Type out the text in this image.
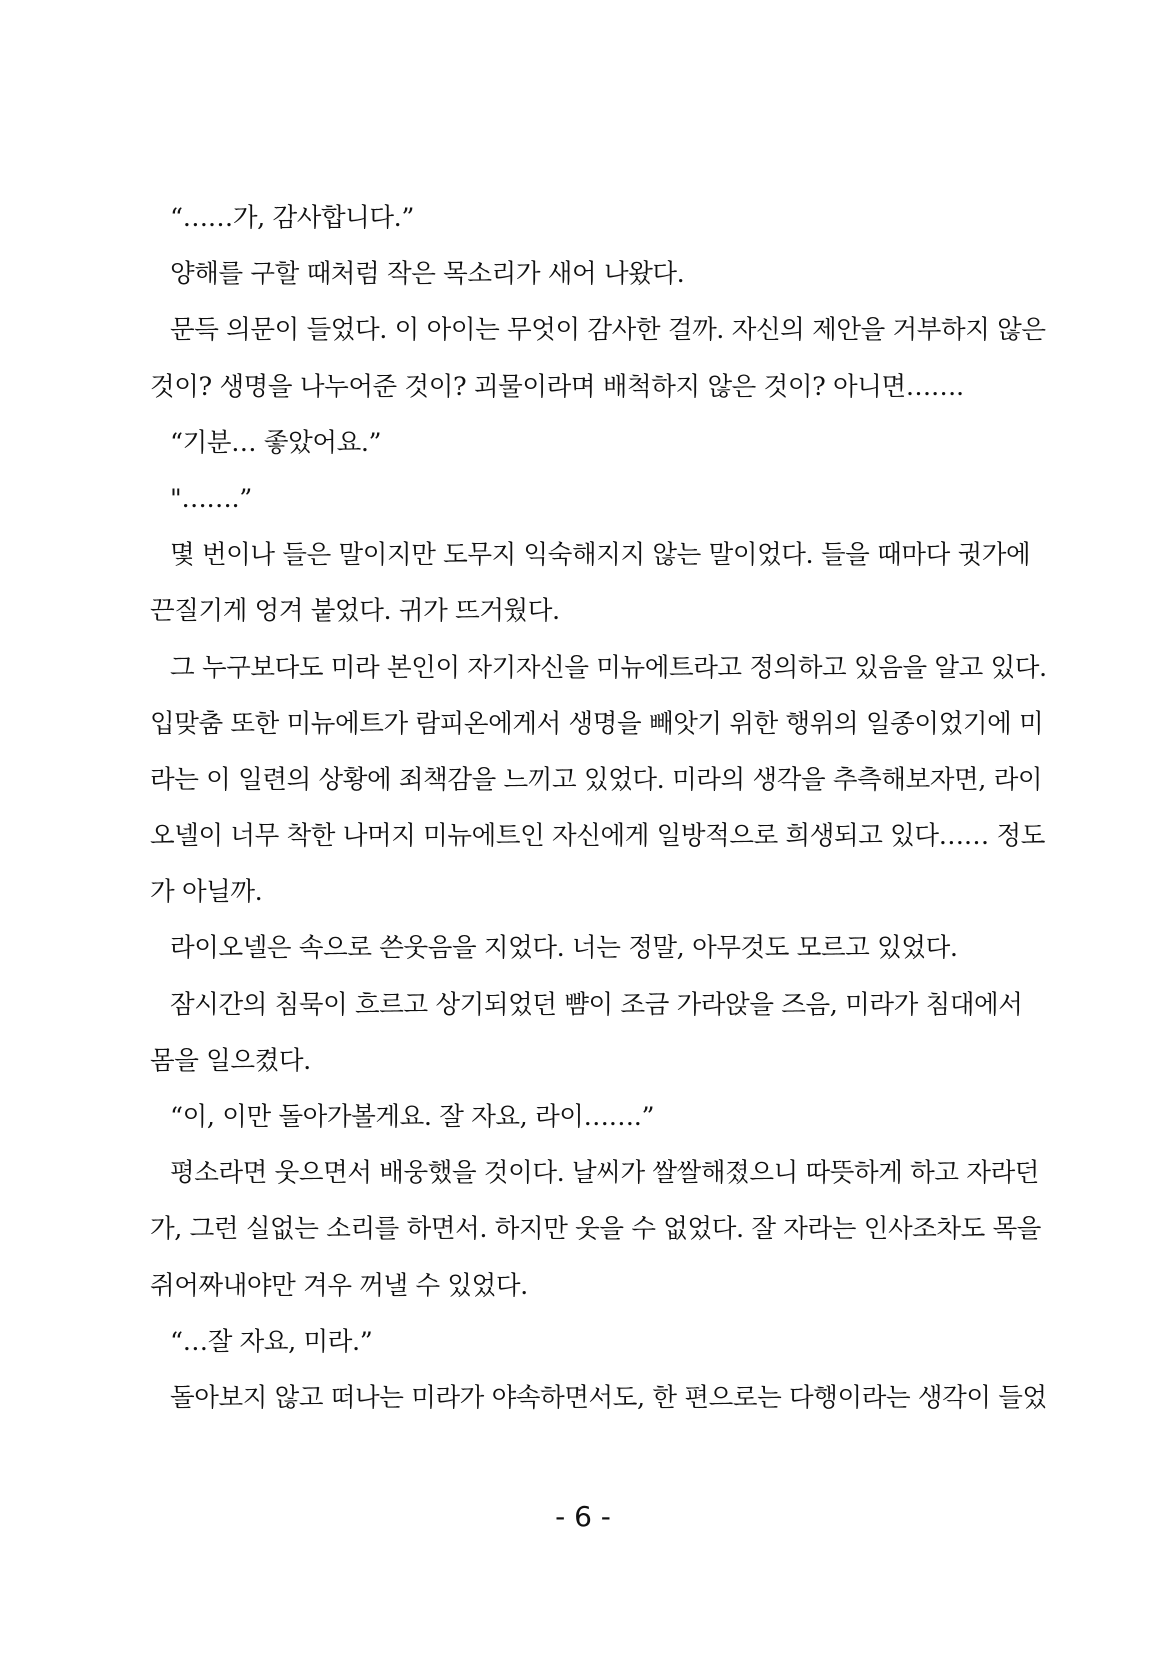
“……가, 감사합니다.”
양해를 구할 때처럼 작은 목소리가 새어 나왔다.
문득 의문이 들었다. 이 아이는 무엇이 감사한 걸까. 자신의 제안을 거부하지 않은
것이? 생명을 나누어준 것이? 괴물이라며 배척하지 않은 것이? 아니면…….
“기분… 좋았어요.”
"…….”
몇 번이나 들은 말이지만 도무지 익숙해지지 않는 말이었다. 들을 때마다 귓가에
끈질기게 엉겨 붙었다. 귀가 뜨거웠다.
그 누구보다도 미라 본인이 자기자신을 미뉴에트라고 정의하고 있음을 알고 있다.
입맞춤 또한 미뉴에트가 람피온에게서 생명을 빼앗기 위한 행위의 일종이었기에 미
라는 이 일련의 상황에 죄책감을 느끼고 있었다. 미라의 생각을 추측해보자면, 라이
오넬이 너무 착한 나머지 미뉴에트인 자신에게 일방적으로 희생되고 있다…… 정도
가 아닐까.
라이오넬은 속으로 쓴웃음을 지었다. 너는 정말, 아무것도 모르고 있었다.
잠시간의 침묵이 흐르고 상기되었던 뺨이 조금 가라앉을 즈음, 미라가 침대에서
몸을 일으켰다.
“이, 이만 돌아가볼게요. 잘 자요, 라이…….”
평소라면 웃으면서 배웅했을 것이다. 날씨가 쌀쌀해졌으니 따뜻하게 하고 자라던
가, 그런 실없는 소리를 하면서. 하지만 웃을 수 없었다. 잘 자라는 인사조차도 목을
쥐어짜내야만 겨우 꺼낼 수 있었다.
“…잘 자요, 미라.”
돌아보지 않고 떠나는 미라가 야속하면서도, 한 편으로는 다행이라는 생각이 들었
- 6 -
